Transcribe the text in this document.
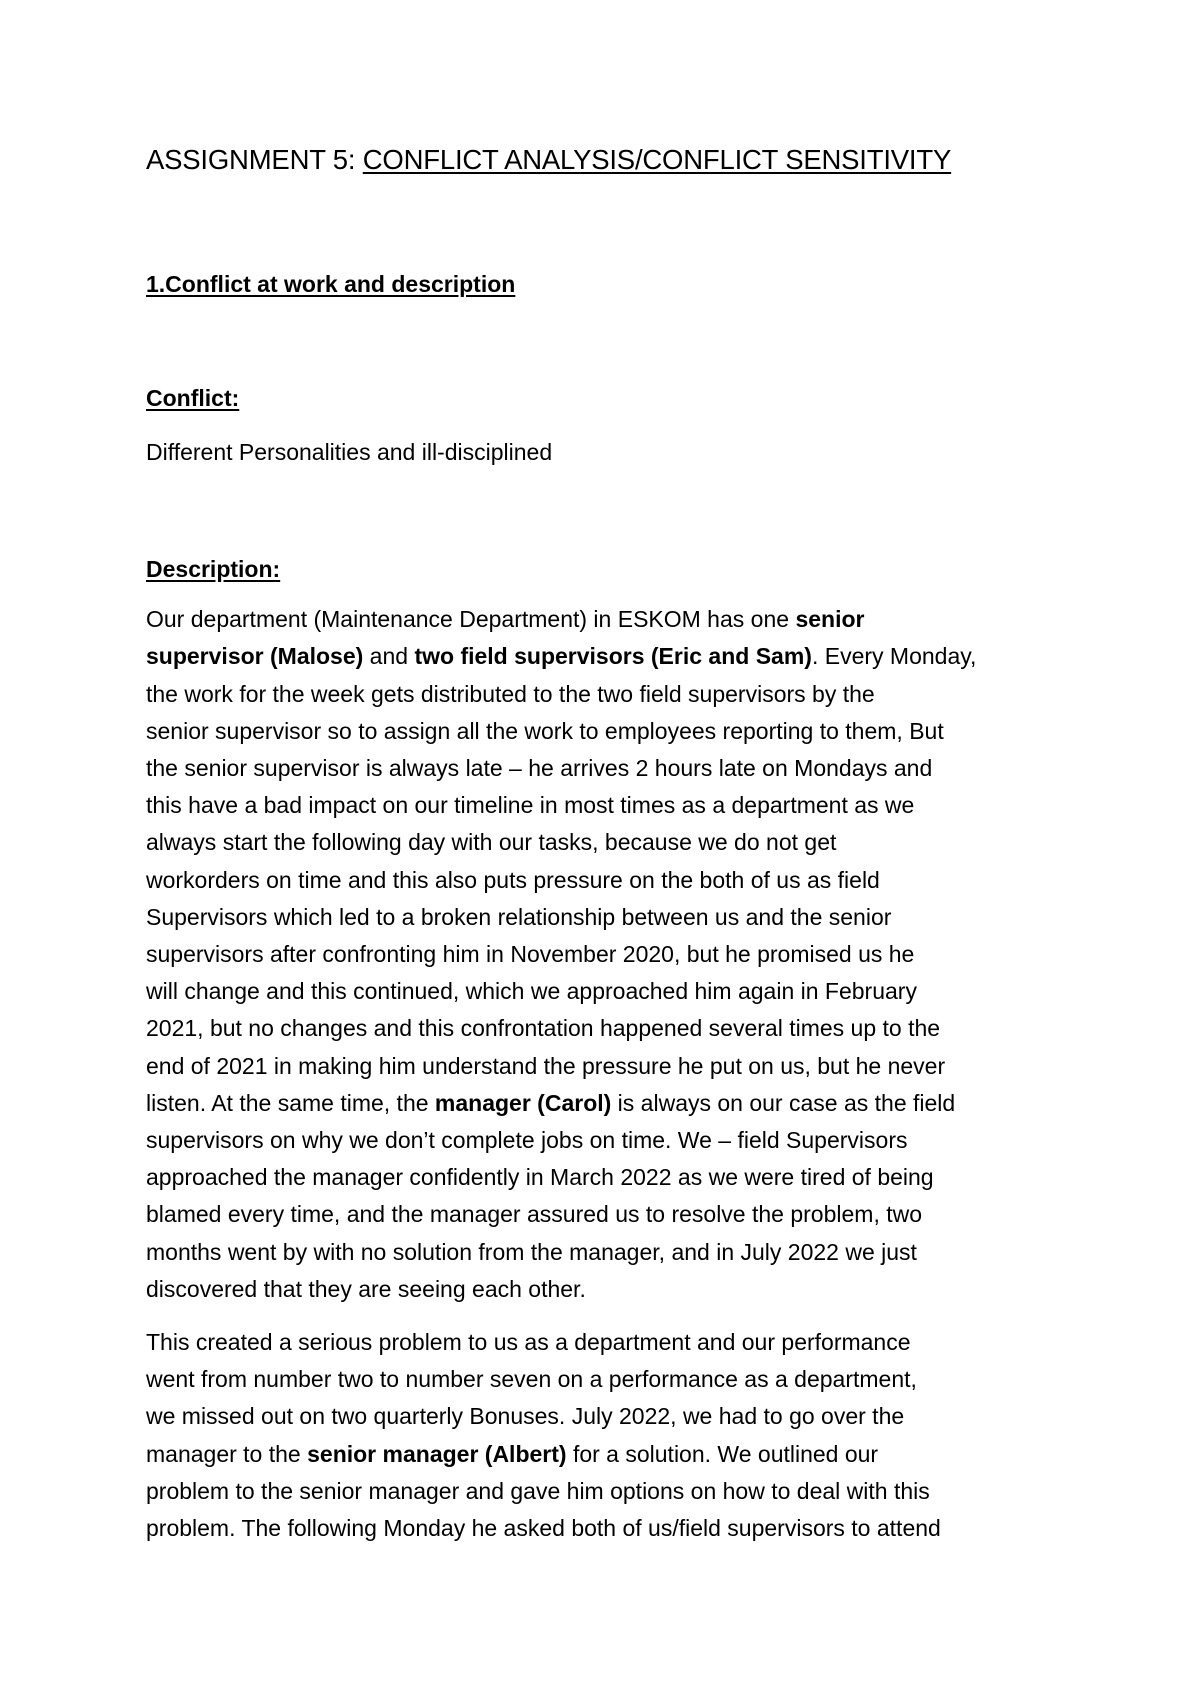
ASSIGNMENT 5: CONFLICT ANALYSIS/CONFLICT SENSITIVITY
1.Conflict at work and description
Conflict:

Different Personalities and ill-disciplined

Description:

Our department (Maintenance Department) in ESKOM has one senior
supervisor (Malose) and two field supervisors (Eric and Sam). Every Monday,
the work for the week gets distributed to the two field supervisors by the
senior supervisor so to assign all the work to employees reporting to them, But
the senior supervisor is always late – he arrives 2 hours late on Mondays and
this have a bad impact on our timeline in most times as a department as we
always start the following day with our tasks, because we do not get
workorders on time and this also puts pressure on the both of us as field
Supervisors which led to a broken relationship between us and the senior
supervisors after confronting him in November 2020, but he promised us he
will change and this continued, which we approached him again in February
2021, but no changes and this confrontation happened several times up to the
end of 2021 in making him understand the pressure he put on us, but he never
listen. At the same time, the manager (Carol) is always on our case as the field
supervisors on why we don’t complete jobs on time. We – field Supervisors
approached the manager confidently in March 2022 as we were tired of being
blamed every time, and the manager assured us to resolve the problem, two
months went by with no solution from the manager, and in July 2022 we just
discovered that they are seeing each other.

This created a serious problem to us as a department and our performance
went from number two to number seven on a performance as a department,
we missed out on two quarterly Bonuses. July 2022, we had to go over the
manager to the senior manager (Albert) for a solution. We outlined our
problem to the senior manager and gave him options on how to deal with this
problem. The following Monday he asked both of us/field supervisors to attend
